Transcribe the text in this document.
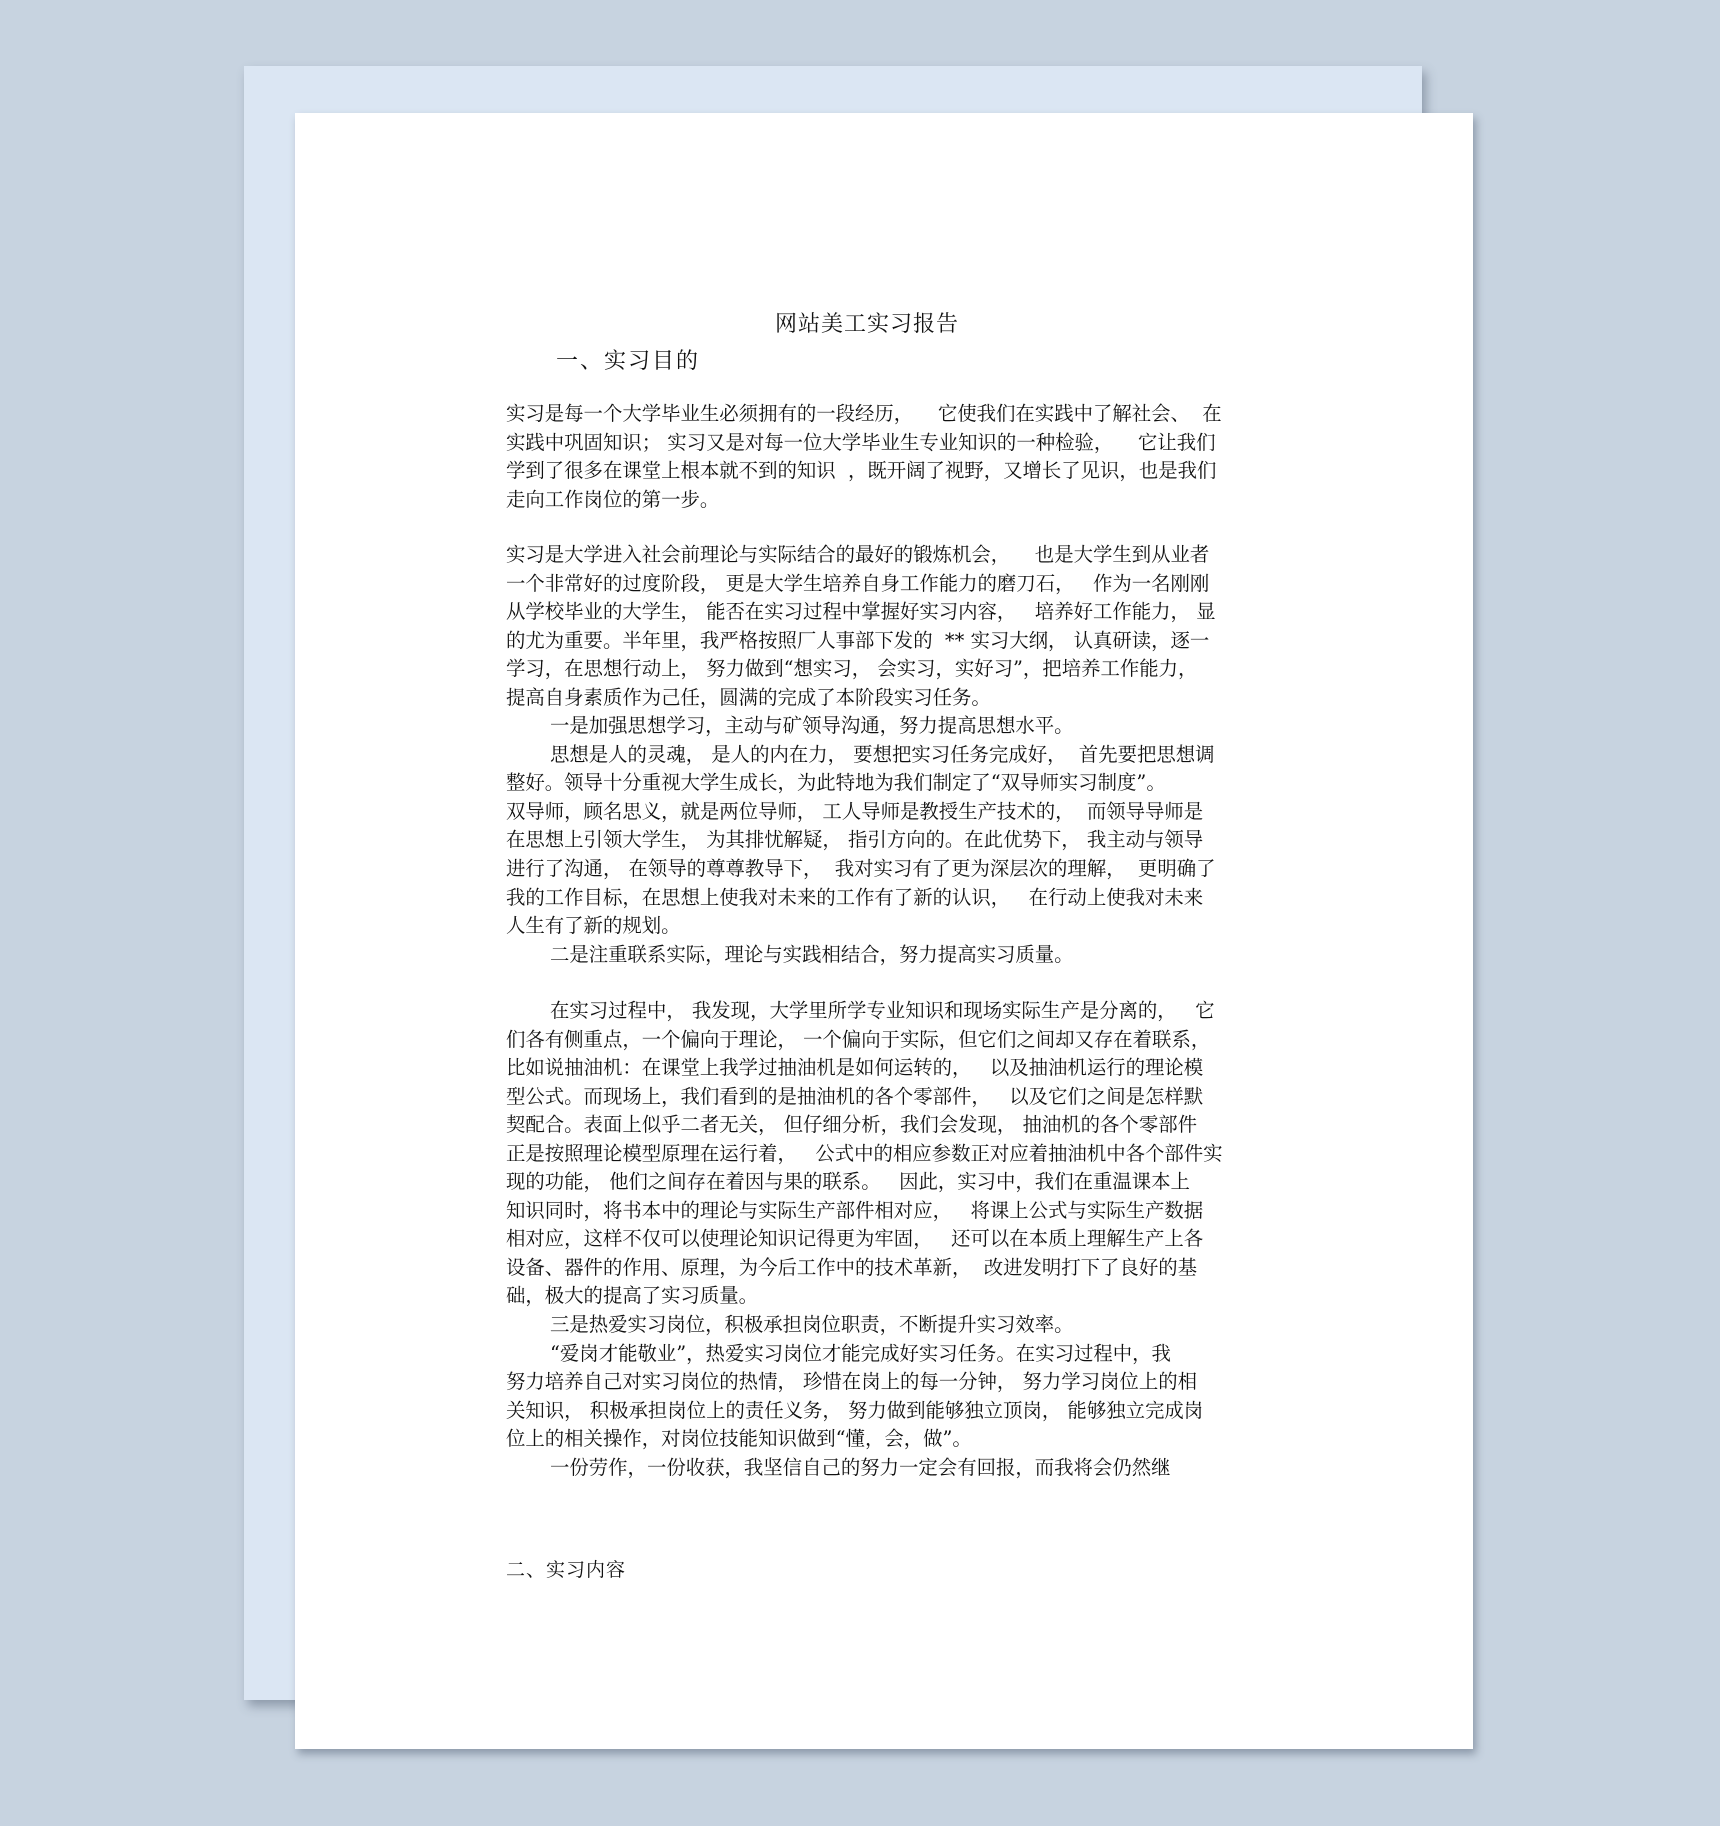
网站美工实习报告
一、实习目的
实习是每一个大学毕业生必须拥有的一段经历，    它使我们在实践中了解社会、  在
实践中巩固知识； 实习又是对每一位大学毕业生专业知识的一种检验，    它让我们
学到了很多在课堂上根本就不到的知识  ，既开阔了视野，又增长了见识，也是我们
走向工作岗位的第一步。
实习是大学进入社会前理论与实际结合的最好的锻炼机会，    也是大学生到从业者
一个非常好的过度阶段， 更是大学生培养自身工作能力的磨刀石，   作为一名刚刚
从学校毕业的大学生， 能否在实习过程中掌握好实习内容，   培养好工作能力， 显
的尤为重要。半年里，我严格按照厂人事部下发的  ** 实习大纲， 认真研读，逐一
学习，在思想行动上， 努力做到“想实习， 会实习，实好习”，把培养工作能力，
提高自身素质作为己任，圆满的完成了本阶段实习任务。
一是加强思想学习，主动与矿领导沟通，努力提高思想水平。
思想是人的灵魂， 是人的内在力， 要想把实习任务完成好，  首先要把思想调
整好。领导十分重视大学生成长，为此特地为我们制定了“双导师实习制度”。
双导师，顾名思义，就是两位导师， 工人导师是教授生产技术的，  而领导导师是
在思想上引领大学生， 为其排忧解疑， 指引方向的。在此优势下， 我主动与领导
进行了沟通， 在领导的尊尊教导下，  我对实习有了更为深层次的理解，  更明确了
我的工作目标，在思想上使我对未来的工作有了新的认识，   在行动上使我对未来
人生有了新的规划。
二是注重联系实际，理论与实践相结合，努力提高实习质量。
在实习过程中， 我发现，大学里所学专业知识和现场实际生产是分离的，   它
们各有侧重点，一个偏向于理论， 一个偏向于实际，但它们之间却又存在着联系，
比如说抽油机：在课堂上我学过抽油机是如何运转的，   以及抽油机运行的理论模
型公式。而现场上，我们看到的是抽油机的各个零部件，   以及它们之间是怎样默
契配合。表面上似乎二者无关， 但仔细分析，我们会发现， 抽油机的各个零部件
正是按照理论模型原理在运行着，   公式中的相应参数正对应着抽油机中各个部件实
现的功能， 他们之间存在着因与果的联系。   因此，实习中，我们在重温课本上
知识同时，将书本中的理论与实际生产部件相对应，   将课上公式与实际生产数据
相对应，这样不仅可以使理论知识记得更为牢固，   还可以在本质上理解生产上各
设备、器件的作用、原理，为今后工作中的技术革新，  改进发明打下了良好的基
础，极大的提高了实习质量。
三是热爱实习岗位，积极承担岗位职责，不断提升实习效率。
“爱岗才能敬业”，热爱实习岗位才能完成好实习任务。在实习过程中，我
努力培养自己对实习岗位的热情， 珍惜在岗上的每一分钟， 努力学习岗位上的相
关知识， 积极承担岗位上的责任义务， 努力做到能够独立顶岗， 能够独立完成岗
位上的相关操作，对岗位技能知识做到“懂，会，做”。
一份劳作，一份收获，我坚信自己的努力一定会有回报，而我将会仍然继
二、实习内容
